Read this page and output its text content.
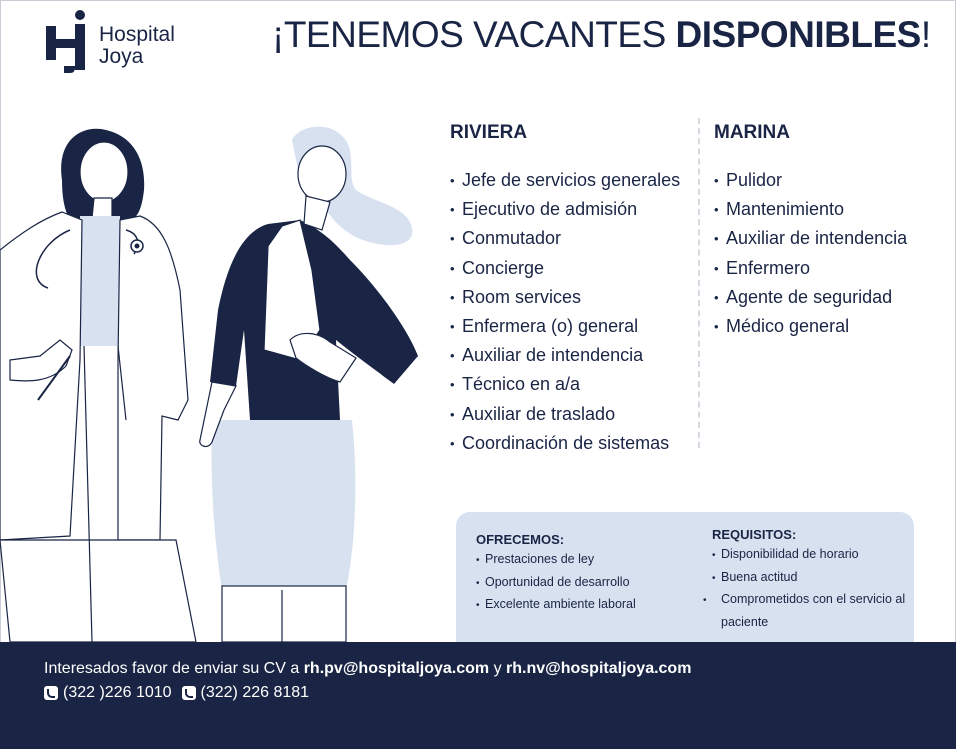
Hospital
Joya
¡TENEMOS VACANTES DISPONIBLES!
RIVIERA
• Jefe de servicios generales
• Ejecutivo de admisión
• Conmutador
• Concierge
• Room services
• Enfermera (o) general
• Auxiliar de intendencia
• Técnico en a/a
• Auxiliar de traslado
• Coordinación de sistemas
MARINA
• Pulidor
• Mantenimiento
• Auxiliar de intendencia
• Enfermero
• Agente de seguridad
• Médico general
OFRECEMOS:
• Prestaciones de ley
• Oportunidad de desarrollo
• Excelente ambiente laboral
REQUISITOS:
• Disponibilidad de horario
• Buena actitud
• Comprometidos con el servicio al paciente
Interesados favor de enviar su CV a rh.pv@hospitaljoya.com y rh.nv@hospitaljoya.com
(322 )226 1010 (322) 226 8181
